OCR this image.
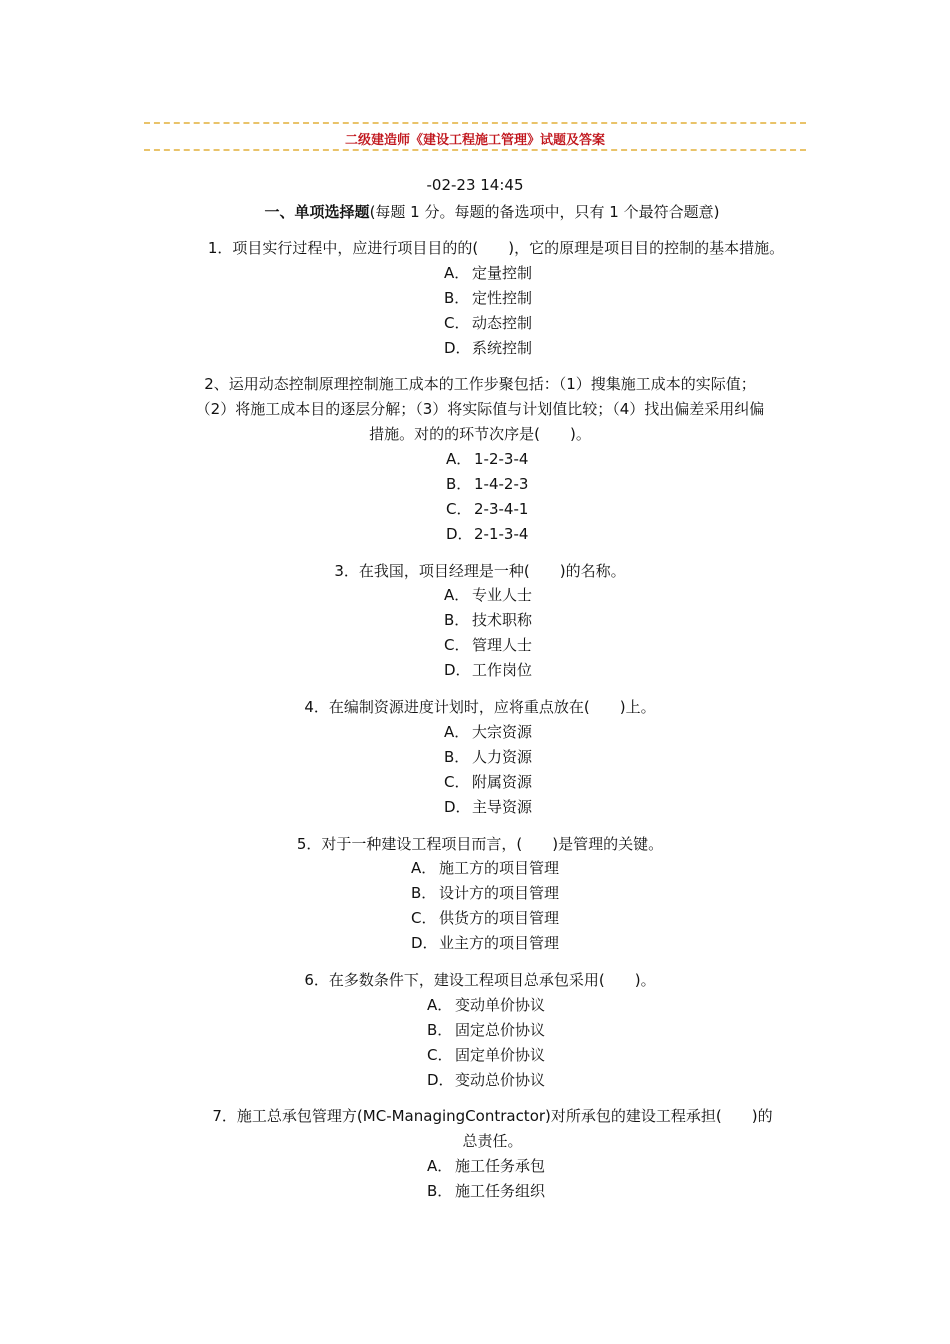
二级建造师《建设工程施工管理》试题及答案
-02-23 14:45
一、单项选择题(每题 1 分。每题的备选项中，只有 1 个最符合题意)
1．项目实行过程中，应进行项目目的的(　　)，它的原理是项目目的控制的基本措施。
A． 定量控制
B． 定性控制
C． 动态控制
D．系统控制
2、运用动态控制原理控制施工成本的工作步聚包括：（1）搜集施工成本的实际值；
（2）将施工成本目的逐层分解；（3）将实际值与计划值比较；（4）找出偏差采用纠偏
措施。对的的环节次序是(　　)。
A． 1-2-3-4
B． 1-4-2-3
C． 2-3-4-1
D．2-1-3-4
3．在我国，项目经理是一种(　　)的名称。
A． 专业人士
B． 技术职称
C． 管理人士
D．工作岗位
4．在编制资源进度计划时，应将重点放在(　　)上。
A． 大宗资源
B． 人力资源
C． 附属资源
D．主导资源
5．对于一种建设工程项目而言，(　　)是管理的关键。
A． 施工方的项目管理
B． 设计方的项目管理
C． 供货方的项目管理
D．业主方的项目管理
6．在多数条件下，建设工程项目总承包采用(　　)。
A． 变动单价协议
B． 固定总价协议
C． 固定单价协议
D．变动总价协议
7．施工总承包管理方(MC-ManagingContractor)对所承包的建设工程承担(　　)的
总责任。
A． 施工任务承包
B． 施工任务组织
